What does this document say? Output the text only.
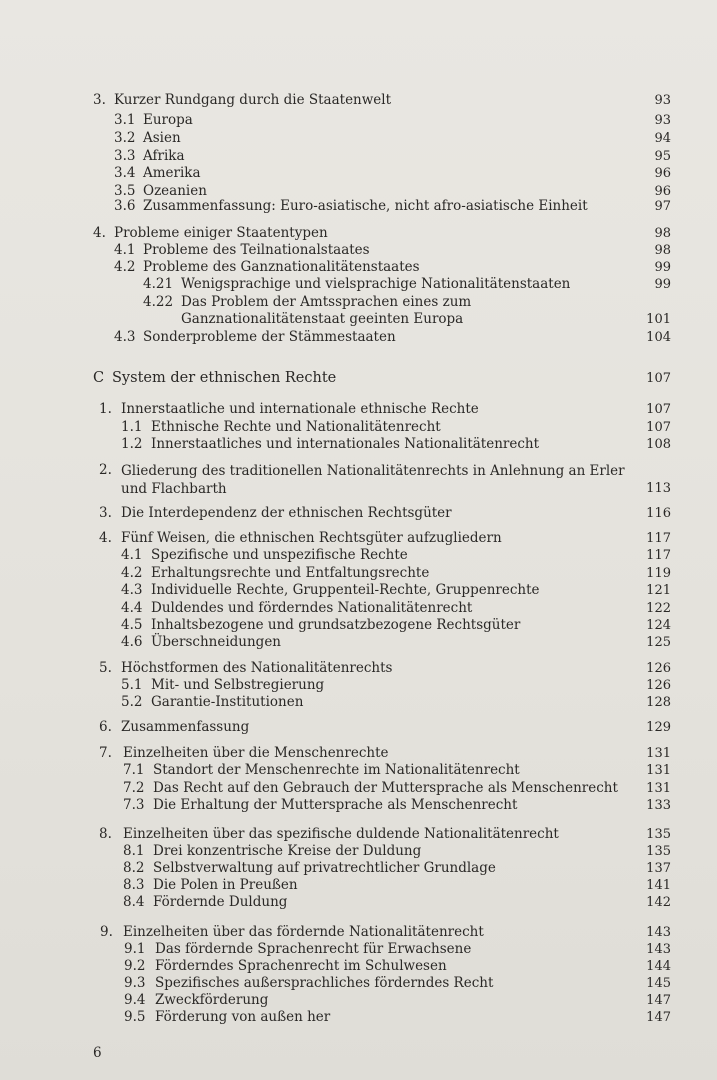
3. Kurzer Rundgang durch die Staatenwelt	93
3.1 Europa	93
3.2 Asien	94
3.3 Afrika	95
3.4 Amerika	96
3.5 Ozeanien	96
3.6 Zusammenfassung: Euro-asiatische, nicht afro-asiatische Einheit	97
4. Probleme einiger Staatentypen	98
4.1 Probleme des Teilnationalstaates	98
4.2 Probleme des Ganznationalitätenstaates	99
4.21 Wenigsprachige und vielsprachige Nationalitätenstaaten	99
4.22 Das Problem der Amtssprachen eines zum
Ganznationalitätenstaat geeinten Europa	101
4.3 Sonderprobleme der Stämmestaaten	104
C System der ethnischen Rechte	107
1. Innerstaatliche und internationale ethnische Rechte	107
1.1 Ethnische Rechte und Nationalitätenrecht	107
1.2 Innerstaatliches und internationales Nationalitätenrecht	108
2. Gliederung des traditionellen Nationalitätenrechts in Anlehnung an Erler und Flachbarth	113
3. Die Interdependenz der ethnischen Rechtsgüter	116
4. Fünf Weisen, die ethnischen Rechtsgüter aufzugliedern	117
4.1 Spezifische und unspezifische Rechte	117
4.2 Erhaltungsrechte und Entfaltungsrechte	119
4.3 Individuelle Rechte, Gruppenteil-Rechte, Gruppenrechte	121
4.4 Duldendes und förderndes Nationalitätenrecht	122
4.5 Inhaltsbezogene und grundsatzbezogene Rechtsgüter	124
4.6 Überschneidungen	125
5. Höchstformen des Nationalitätenrechts	126
5.1 Mit- und Selbstregierung	126
5.2 Garantie-Institutionen	128
6. Zusammenfassung	129
7. Einzelheiten über die Menschenrechte	131
7.1 Standort der Menschenrechte im Nationalitätenrecht	131
7.2 Das Recht auf den Gebrauch der Muttersprache als Menschenrecht 131
7.3 Die Erhaltung der Muttersprache als Menschenrecht	133
8. Einzelheiten über das spezifische duldende Nationalitätenrecht	135
8.1 Drei konzentrische Kreise der Duldung	135
8.2 Selbstverwaltung auf privatrechtlicher Grundlage	137
8.3 Die Polen in Preußen	141
8.4 Fördernde Duldung	142
9. Einzelheiten über das fördernde Nationalitätenrecht	143
9.1 Das fördernde Sprachenrecht für Erwachsene	143
9.2 Förderndes Sprachenrecht im Schulwesen	144
9.3 Spezifisches außersprachliches förderndes Recht	145
9.4 Zweckförderung	147
9.5 Förderung von außen her	147
6
